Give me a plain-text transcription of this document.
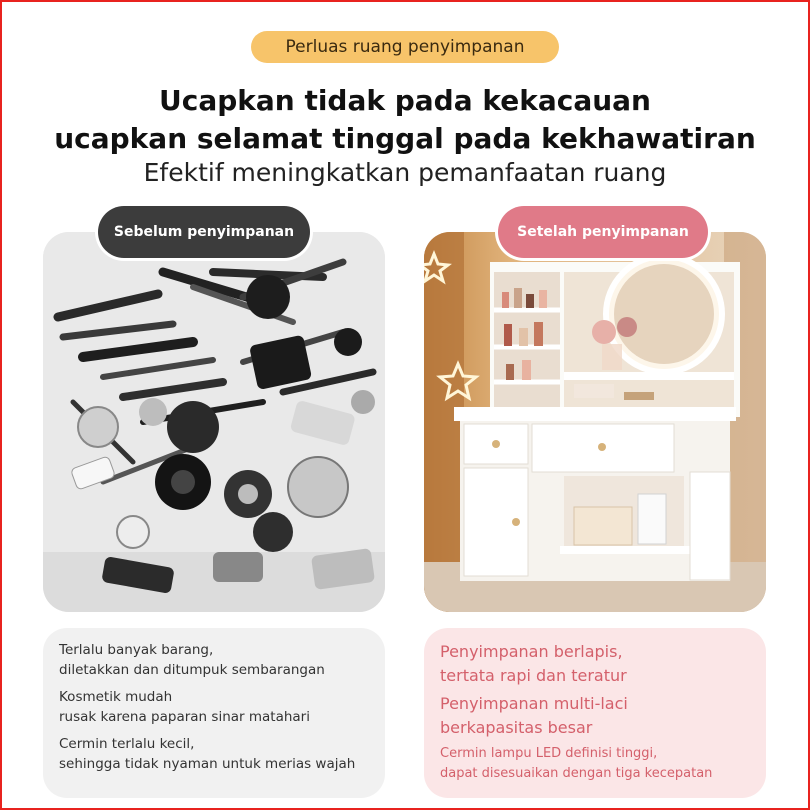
Perluas ruang penyimpanan
Ucapkan tidak pada kekacauan
ucapkan selamat tinggal pada kekhawatiran
Efektif meningkatkan pemanfaatan ruang
Sebelum penyimpanan	Setelah penyimpanan
Terlalu banyak barang,
diletakkan dan ditumpuk sembarangan
Kosmetik mudah
rusak karena paparan sinar matahari
Cermin terlalu kecil,
sehingga tidak nyaman untuk merias wajah
Penyimpanan berlapis,
tertata rapi dan teratur
Penyimpanan multi-laci
berkapasitas besar
Cermin lampu LED definisi tinggi,
dapat disesuaikan dengan tiga kecepatan
